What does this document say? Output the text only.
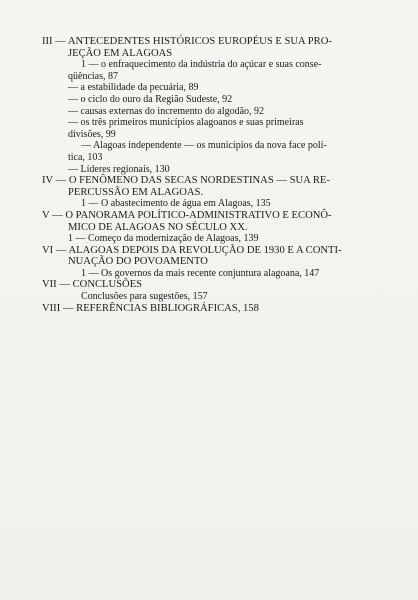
III — ANTECEDENTES HISTÓRICOS EUROPÉUS E SUA PRO-
JEÇÃO EM ALAGOAS
1 — o enfraquecimento da indústria do açúcar e suas conse-
qüências, 87
— a estabilidade da pecuária, 89
— o ciclo do ouro da Região Sudeste, 92
— causas externas do incremento do algodão, 92
— os três primeiros municípios alagoanos e suas primeiras
divisões, 99
— Alagoas independente — os municípios da nova face polí-
tica, 103
— Líderes regionais, 130
IV — O FENÔMENO DAS SECAS NORDESTINAS — SUA RE-
PERCUSSÃO EM ALAGOAS.
1 — O abastecimento de água em Alagoas, 135
V — O PANORAMA POLÍTICO-ADMINISTRATIVO E ECONÔ-
MICO DE ALAGOAS NO SÉCULO XX.
1 — Começo da modernização de Alagoas, 139
VI — ALAGOAS DEPOIS DA REVOLUÇÃO DE 1930 E A CONTI-
NUAÇÃO DO POVOAMENTO
1 — Os governos da mais recente conjuntura alagoana, 147
VII — CONCLUSÕES
Conclusões para sugestões, 157
VIII — REFERÊNCIAS BIBLIOGRÁFICAS, 158
